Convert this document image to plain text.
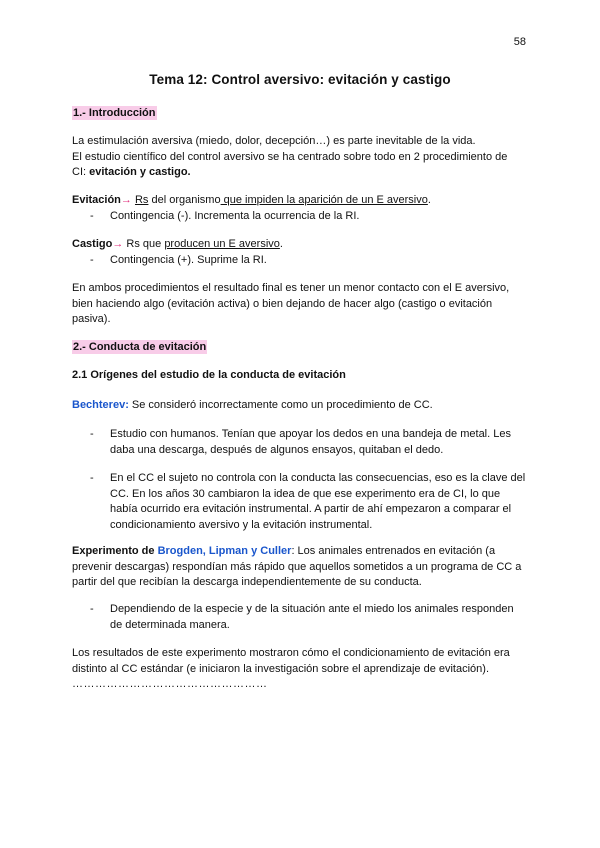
58
Tema 12: Control aversivo: evitación y castigo
1.- Introducción
La estimulación aversiva (miedo, dolor, decepción…) es parte inevitable de la vida.
El estudio científico del control aversivo se ha centrado sobre todo en 2 procedimiento de
CI: evitación y castigo.
Evitación→ Rs del organismo que impiden la aparición de un E aversivo.
- Contingencia (-). Incrementa la ocurrencia de la RI.
Castigo→ Rs que producen un E aversivo.
- Contingencia (+). Suprime la RI.
En ambos procedimientos el resultado final es tener un menor contacto con el E aversivo,
bien haciendo algo (evitación activa) o bien dejando de hacer algo (castigo o evitación
pasiva).
2.- Conducta de evitación
2.1 Orígenes del estudio de la conducta de evitación
Bechterev: Se consideró incorrectamente como un procedimiento de CC.
- Estudio con humanos. Tenían que apoyar los dedos en una bandeja de metal. Les
daba una descarga, después de algunos ensayos, quitaban el dedo.
- En el CC el sujeto no controla con la conducta las consecuencias, eso es la clave del
CC. En los años 30 cambiaron la idea de que ese experimento era de CI, lo que
había ocurrido era evitación instrumental. A partir de ahí empezaron a comparar el
condicionamiento aversivo y la evitación instrumental.
Experimento de Brogden, Lipman y Culler: Los animales entrenados en evitación (a
prevenir descargas) respondían más rápido que aquellos sometidos a un programa de CC a
partir del que recibían la descarga independientemente de su conducta.
- Dependiendo de la especie y de la situación ante el miedo los animales responden
de determinada manera.
Los resultados de este experimento mostraron cómo el condicionamiento de evitación era
distinto al CC estándar (e iniciaron la investigación sobre el aprendizaje de evitación).
……………………………………………
